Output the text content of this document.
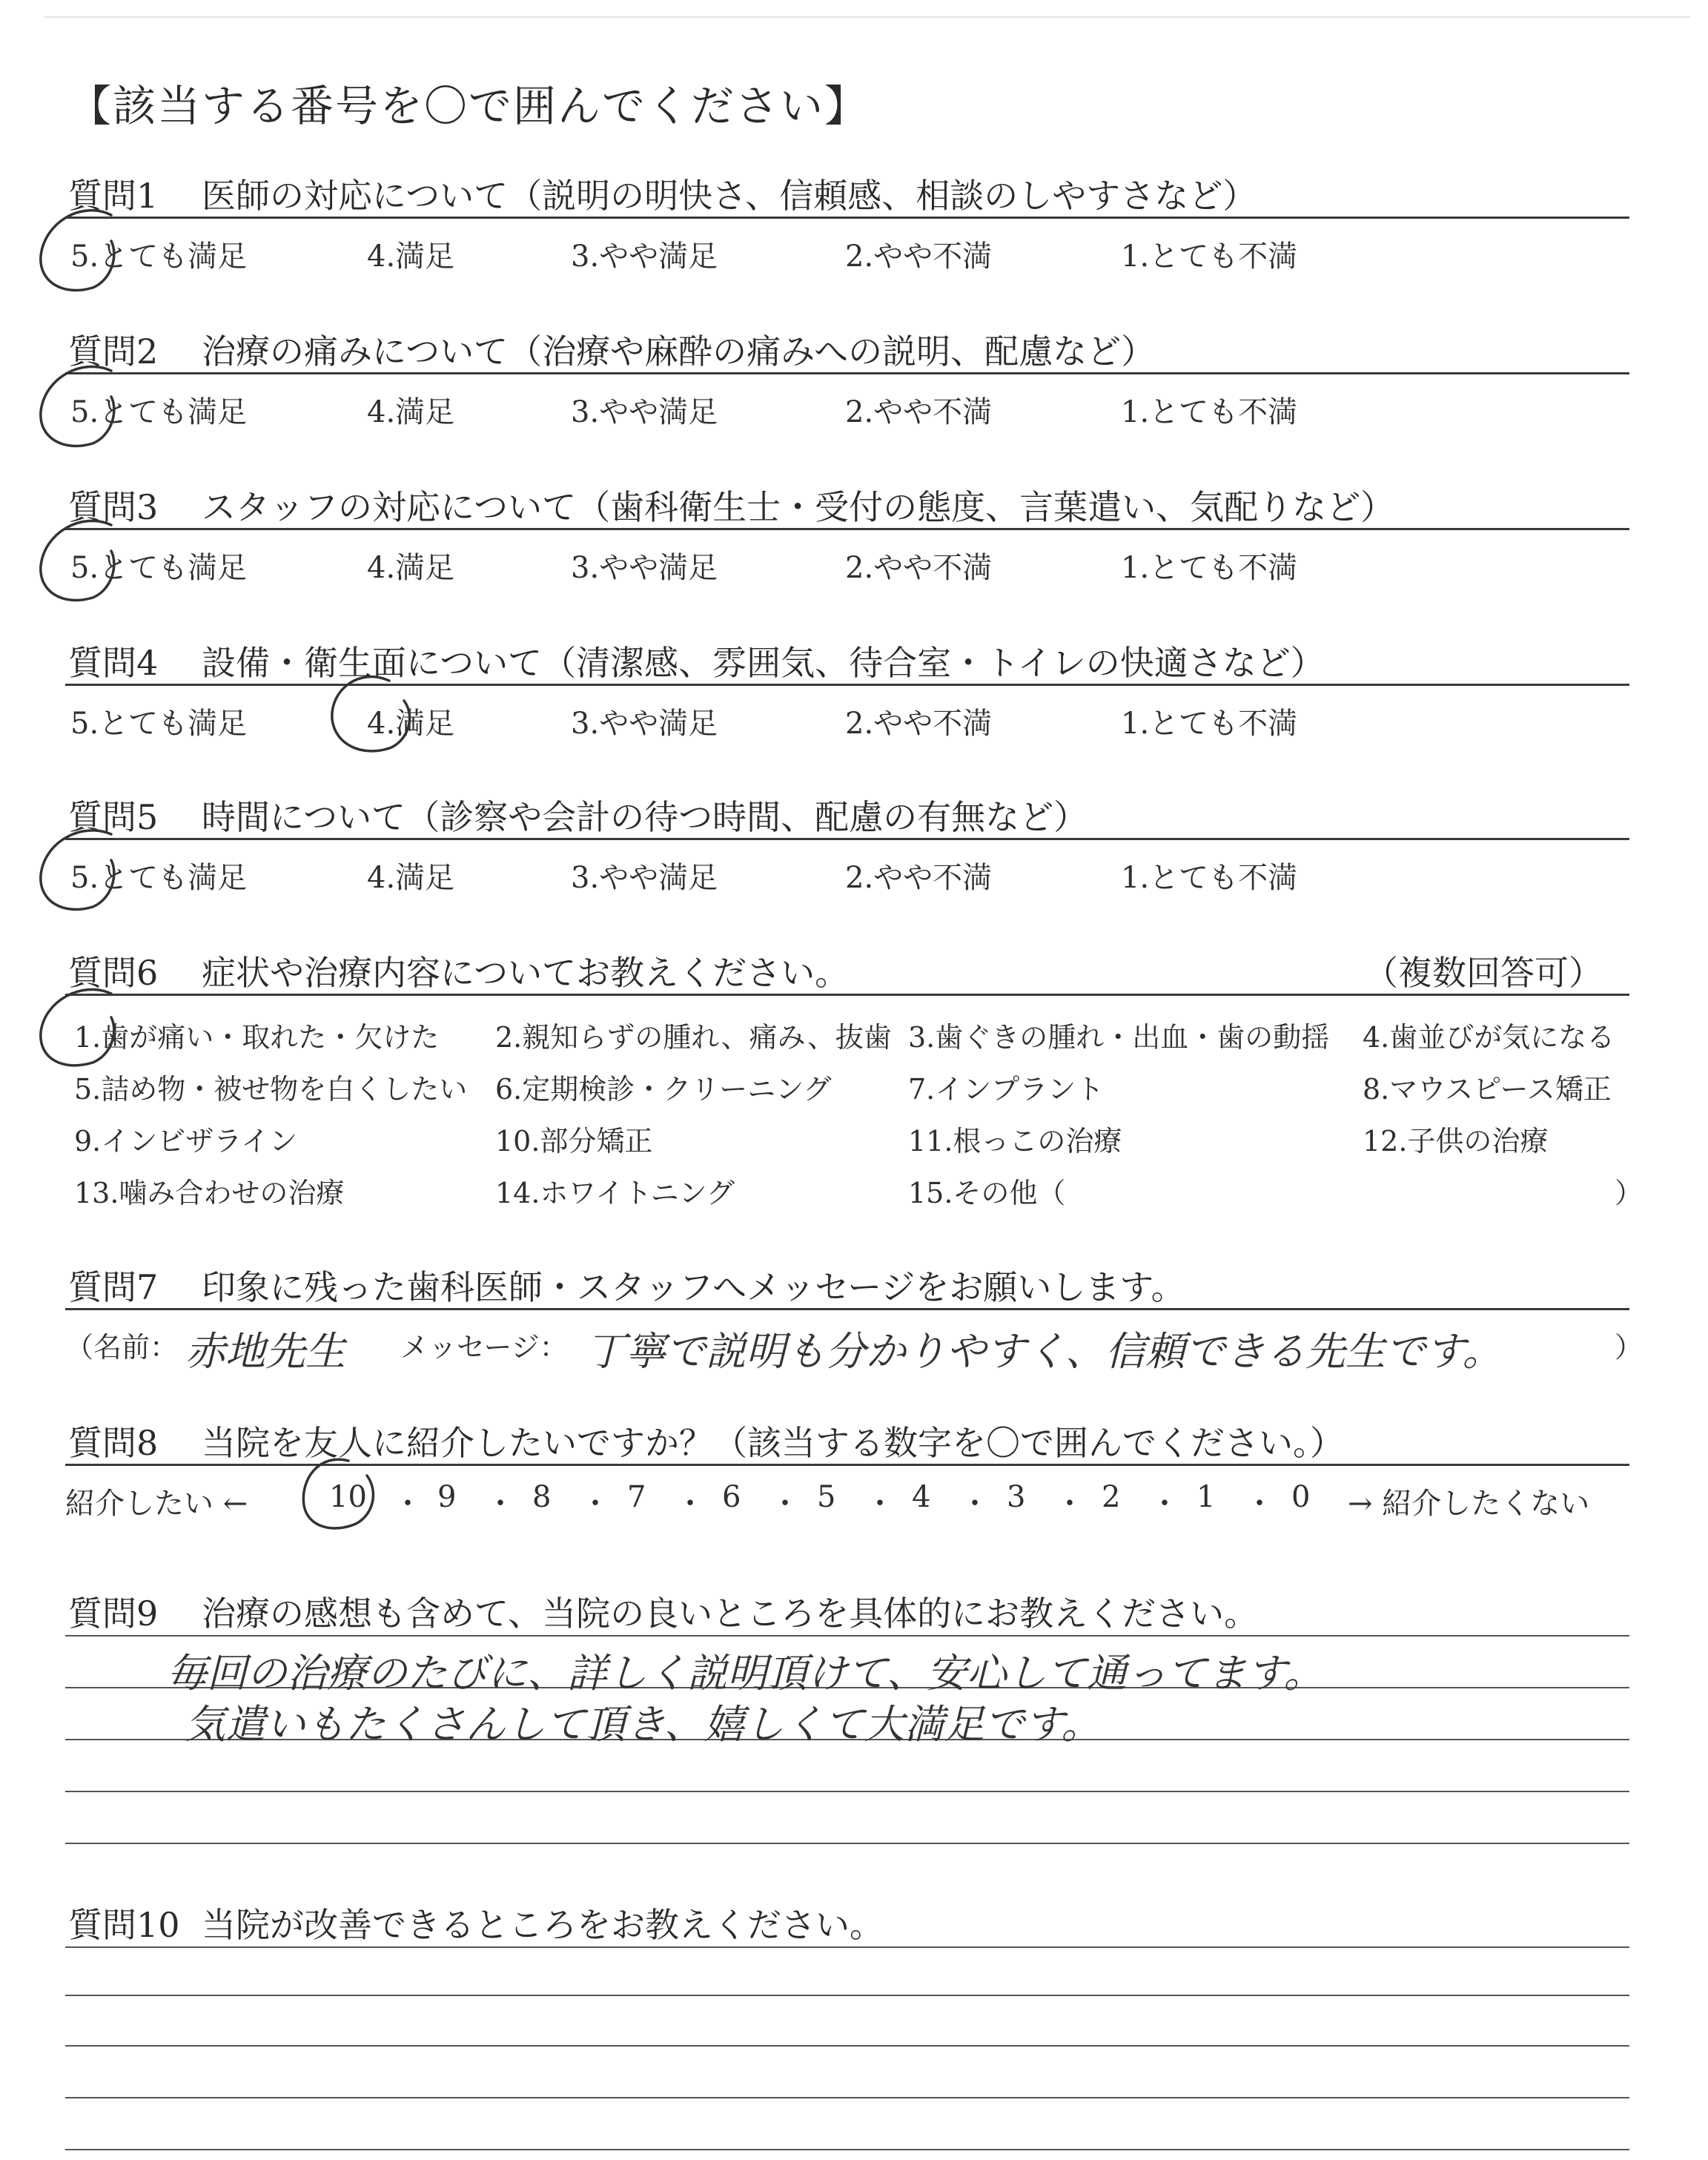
【該当する番号を〇で囲んでください】
質問1 医師の対応について（説明の明快さ、信頼感、相談のしやすさなど）
5.とても満足	4.満足	3.やや満足	2.やや不満	1.とても不満
質問2 治療の痛みについて（治療や麻酔の痛みへの説明、配慮など）
5.とても満足	4.満足	3.やや満足	2.やや不満	1.とても不満
質問3 スタッフの対応について（歯科衛生士・受付の態度、言葉遣い、気配りなど）
5.とても満足	4.満足	3.やや満足	2.やや不満	1.とても不満
質問4 設備・衛生面について（清潔感、雰囲気、待合室・トイレの快適さなど）
5.とても満足	4.満足	3.やや満足	2.やや不満	1.とても不満
質問5 時間について（診察や会計の待つ時間、配慮の有無など）
5.とても満足	4.満足	3.やや満足	2.やや不満	1.とても不満
質問6 症状や治療内容についてお教えください。	（複数回答可）
1.歯が痛い・取れた・欠けた 2.親知らずの腫れ、痛み、抜歯 3.歯ぐきの腫れ・出血・歯の動揺 4.歯並びが気になる
5.詰め物・被せ物を白くしたい 6.定期検診・クリーニング	7.インプラント	8.マウスピース矯正
9.インビザライン	10.部分矯正	11.根っこの治療	12.子供の治療
13.噛み合わせの治療	14.ホワイトニング	15.その他（	）
質問7 印象に残った歯科医師・スタッフへメッセージをお願いします。
（名前： 赤地先生 メッセージ： 丁寧で説明も分かりやすく、信頼できる先生です。	）
質問8 当院を友人に紹介したいですか？（該当する数字を〇で囲んでください。）
紹介したい ←	10 ・ 9 ・ 8 ・ 7 ・ 6 ・ 5 ・ 4 ・ 3 ・ 2 ・ 1 ・ 0 → 紹介したくない
質問9 治療の感想も含めて、当院の良いところを具体的にお教えください。
毎回の治療のたびに、詳しく説明頂けて、安心して通ってます。
気遣いもたくさんして頂き、嬉しくて大満足です。
質問10 当院が改善できるところをお教えください。
